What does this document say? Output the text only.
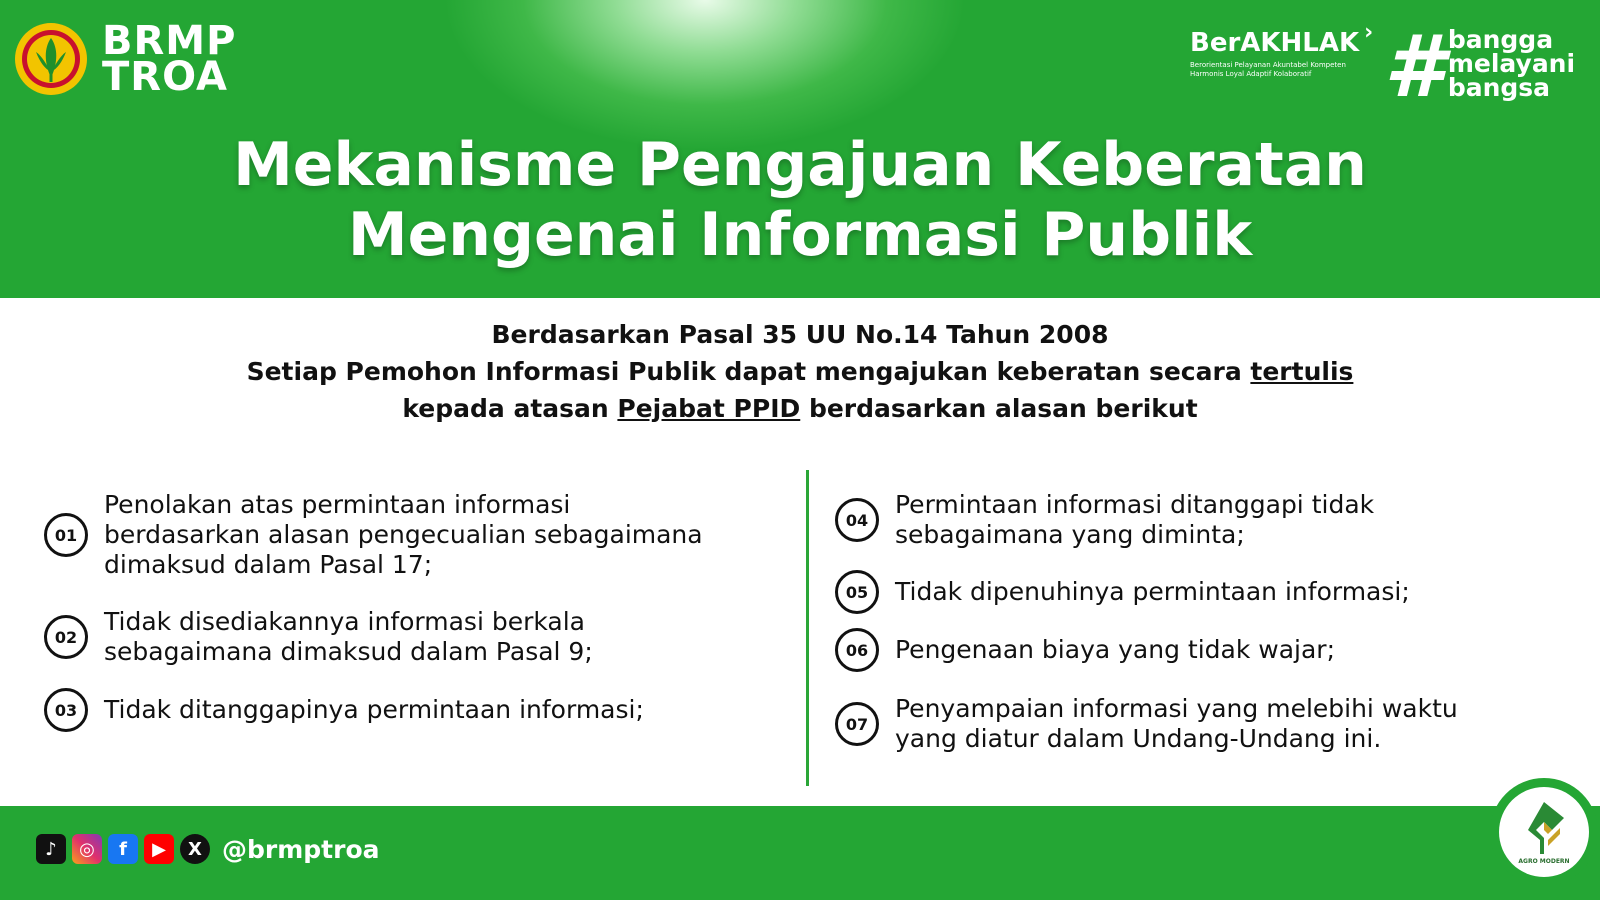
BRMP
TROA
BerAKHLAK ›
Berorientasi Pelayanan Akuntabel Kompeten
Harmonis Loyal Adaptif Kolaboratif # bangga
melayani
bangsa
Mekanisme Pengajuan Keberatan
Mengenai Informasi Publik
Berdasarkan Pasal 35 UU No.14 Tahun 2008
Setiap Pemohon Informasi Publik dapat mengajukan keberatan secara tertulis
kepada atasan Pejabat PPID berdasarkan alasan berikut
01
Penolakan atas permintaan informasi
berdasarkan alasan pengecualian sebagaimana
dimaksud dalam Pasal 17;
02
Tidak disediakannya informasi berkala
sebagaimana dimaksud dalam Pasal 9;
03	Tidak ditanggapinya permintaan informasi;
04
Permintaan informasi ditanggapi tidak
sebagaimana yang diminta;
05	Tidak dipenuhinya permintaan informasi;
06	Pengenaan biaya yang tidak wajar;
07
Penyampaian informasi yang melebihi waktu
yang diatur dalam Undang-Undang ini.
♪	◎	f	▶	X @brmptroa	AGRO MODERN
